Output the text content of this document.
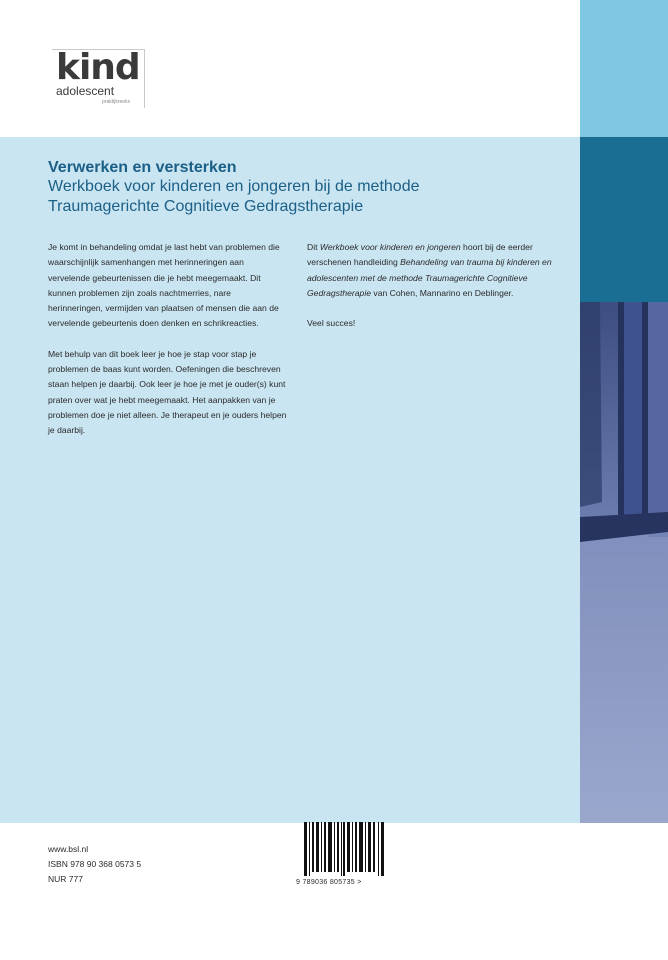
kind
adolescent
praktijkreeks
Verwerken en versterken
Werkboek voor kinderen en jongeren bij de methode
Traumagerichte Cognitieve Gedragstherapie

Je komt in behandeling omdat je last hebt van problemen die waarschijnlijk samenhangen met herinneringen aan vervelende gebeurtenissen die je hebt meegemaakt. Dit kunnen problemen zijn zoals nachtmerries, nare herinneringen, vermijden van plaatsen of mensen die aan de vervelende gebeurtenis doen denken en schrikreacties.

Met behulp van dit boek leer je hoe je stap voor stap je problemen de baas kunt worden. Oefeningen die beschreven staan helpen je daarbij. Ook leer je hoe je met je ouder(s) kunt praten over wat je hebt meegemaakt. Het aanpakken van je problemen doe je niet alleen. Je therapeut en je ouders helpen je daarbij.

Dit Werkboek voor kinderen en jongeren hoort bij de eerder verschenen handleiding Behandeling van trauma bij kinderen en adolescenten met de methode Traumagerichte Cognitieve Gedragstherapie van Cohen, Mannarino en Deblinger.

Veel succes!

www.bsl.nl
ISBN 978 90 368 0573 5
NUR 777	9 789036 805735 >
